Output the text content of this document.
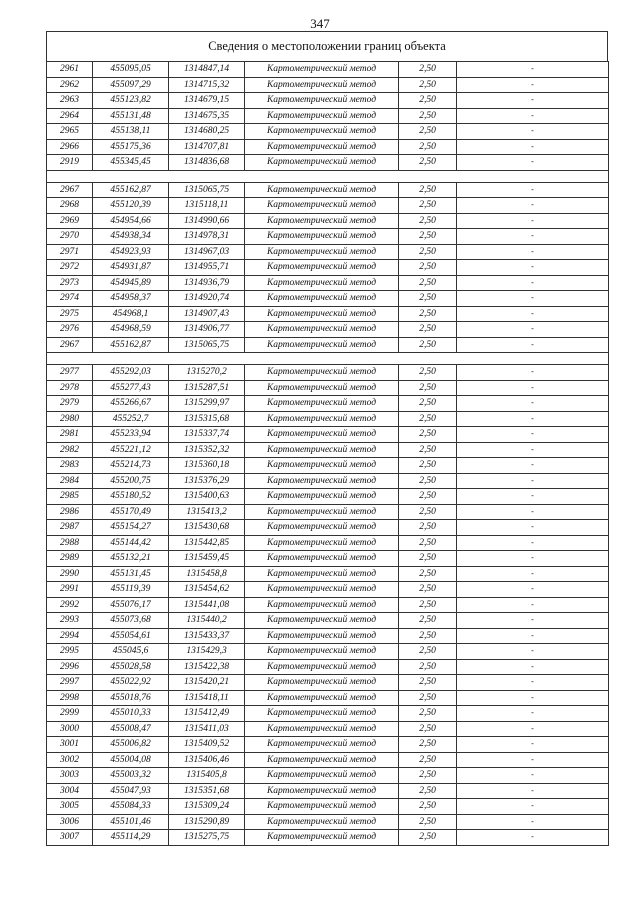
347
Сведения о местоположении границ объекта
2961	455095,05	1314847,14	Картометрический метод	2,50	-
2962	455097,29	1314715,32	Картометрический метод	2,50	-
2963	455123,82	1314679,15	Картометрический метод	2,50	-
2964	455131,48	1314675,35	Картометрический метод	2,50	-
2965	455138,11	1314680,25	Картометрический метод	2,50	-
2966	455175,36	1314707,81	Картометрический метод	2,50	-
2919	455345,45	1314836,68	Картометрический метод	2,50	-

2967	455162,87	1315065,75	Картометрический метод	2,50	-
2968	455120,39	1315118,11	Картометрический метод	2,50	-
2969	454954,66	1314990,66	Картометрический метод	2,50	-
2970	454938,34	1314978,31	Картометрический метод	2,50	-
2971	454923,93	1314967,03	Картометрический метод	2,50	-
2972	454931,87	1314955,71	Картометрический метод	2,50	-
2973	454945,89	1314936,79	Картометрический метод	2,50	-
2974	454958,37	1314920,74	Картометрический метод	2,50	-
2975	454968,1	1314907,43	Картометрический метод	2,50	-
2976	454968,59	1314906,77	Картометрический метод	2,50	-
2967	455162,87	1315065,75	Картометрический метод	2,50	-

2977	455292,03	1315270,2	Картометрический метод	2,50	-
2978	455277,43	1315287,51	Картометрический метод	2,50	-
2979	455266,67	1315299,97	Картометрический метод	2,50	-
2980	455252,7	1315315,68	Картометрический метод	2,50	-
2981	455233,94	1315337,74	Картометрический метод	2,50	-
2982	455221,12	1315352,32	Картометрический метод	2,50	-
2983	455214,73	1315360,18	Картометрический метод	2,50	-
2984	455200,75	1315376,29	Картометрический метод	2,50	-
2985	455180,52	1315400,63	Картометрический метод	2,50	-
2986	455170,49	1315413,2	Картометрический метод	2,50	-
2987	455154,27	1315430,68	Картометрический метод	2,50	-
2988	455144,42	1315442,85	Картометрический метод	2,50	-
2989	455132,21	1315459,45	Картометрический метод	2,50	-
2990	455131,45	1315458,8	Картометрический метод	2,50	-
2991	455119,39	1315454,62	Картометрический метод	2,50	-
2992	455076,17	1315441,08	Картометрический метод	2,50	-
2993	455073,68	1315440,2	Картометрический метод	2,50	-
2994	455054,61	1315433,37	Картометрический метод	2,50	-
2995	455045,6	1315429,3	Картометрический метод	2,50	-
2996	455028,58	1315422,38	Картометрический метод	2,50	-
2997	455022,92	1315420,21	Картометрический метод	2,50	-
2998	455018,76	1315418,11	Картометрический метод	2,50	-
2999	455010,33	1315412,49	Картометрический метод	2,50	-
3000	455008,47	1315411,03	Картометрический метод	2,50	-
3001	455006,82	1315409,52	Картометрический метод	2,50	-
3002	455004,08	1315406,46	Картометрический метод	2,50	-
3003	455003,32	1315405,8	Картометрический метод	2,50	-
3004	455047,93	1315351,68	Картометрический метод	2,50	-
3005	455084,33	1315309,24	Картометрический метод	2,50	-
3006	455101,46	1315290,89	Картометрический метод	2,50	-
3007	455114,29	1315275,75	Картометрический метод	2,50	-
